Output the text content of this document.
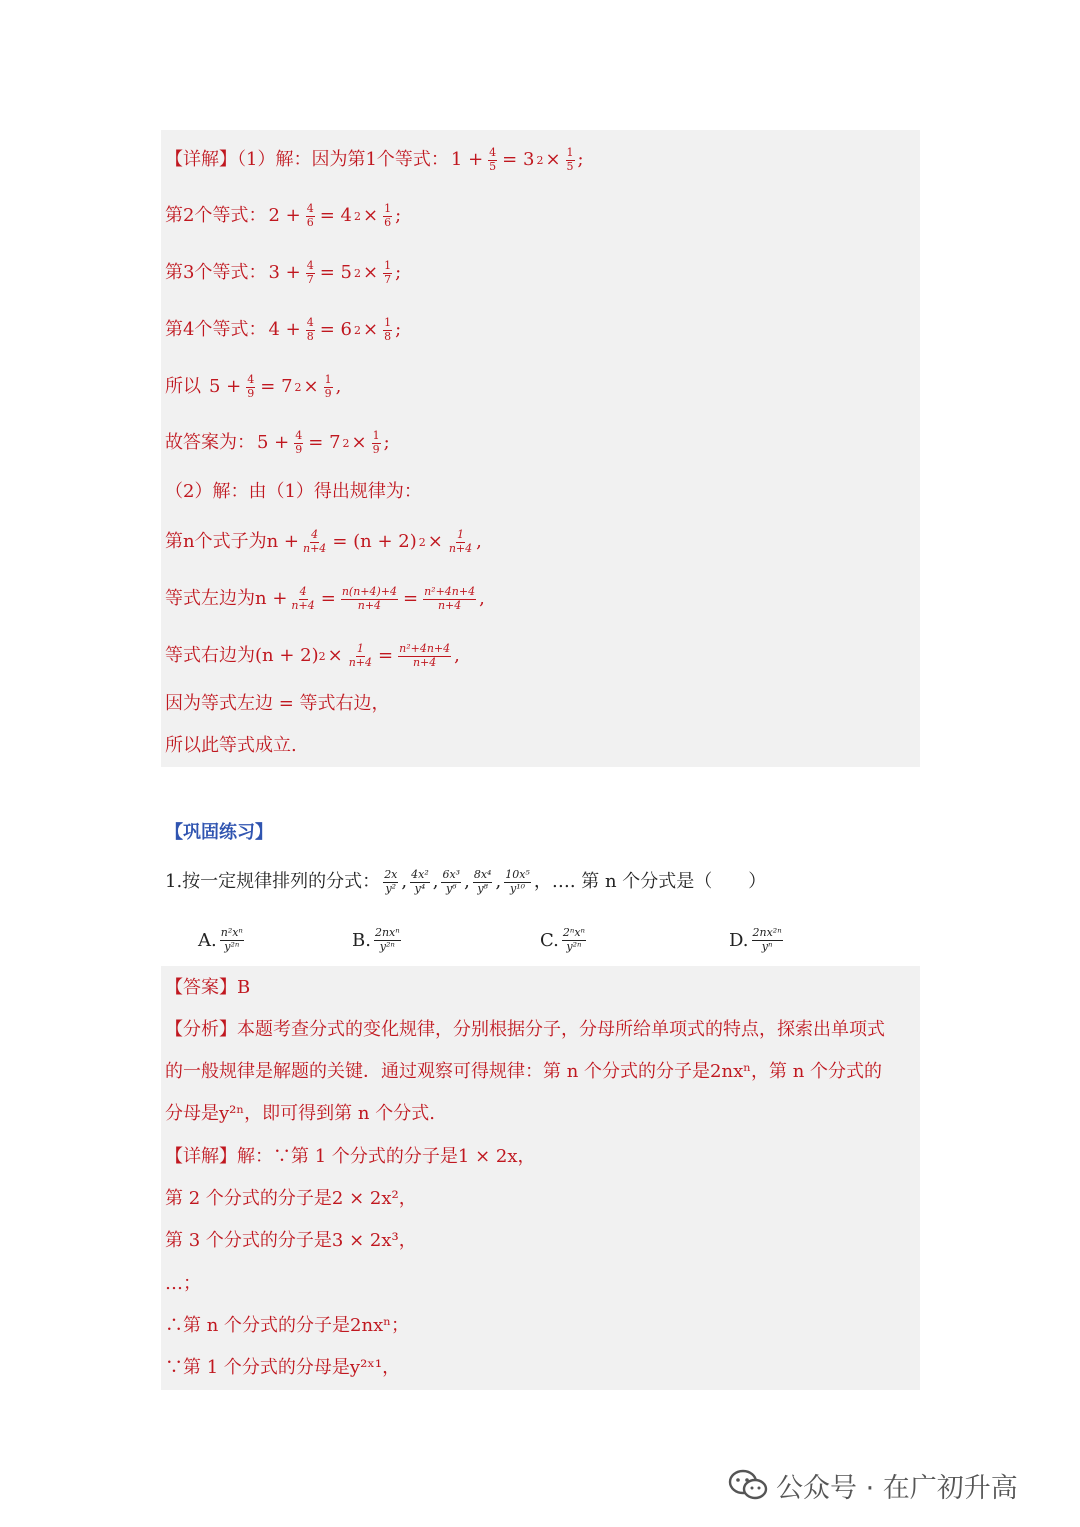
【详解】（1）解：因为第1个等式： $1 + \frac{4}{5} = 3$ $2 \times \frac{1}{5}$ ;
第2个等式： $2 + \frac{4}{6} = 4$ $2 \times \frac{1}{6}$ ;
第3个等式： $3 + \frac{4}{7} = 5$ $2 \times \frac{1}{7}$ ;
第4个等式： $4 + \frac{4}{8} = 6$ $2 \times \frac{1}{8}$ ;
所以 $5 + \frac{4}{9} = 7$ $2 \times \frac{1}{9}$ ,
故答案为： $5 + \frac{4}{9} = 7$ $2 \times \frac{1}{9}$ ;
（2）解：由（1）得出规律为：
第n个式子为$n + \frac{4}{n+4} = (n + 2) 2 \times \frac{1}{n+4}$ ,
等式左边为$n + \frac{4}{n+4} = \frac{n(n+4)+4}{n+4} = \frac{\text{n²+4n+4}}{n+4}$ ,
等式右边为(n + 2) $2 \times \frac{1}{n+4} = \frac{\text{n²+4n+4}}{n+4}$ ,
因为等式左边 = 等式右边，
所以此等式成立.
【巩固练习】
1.按一定规律排列的分式： $\frac{2x}{\text{y²}}$ , $\frac{\text{4x²}}{\text{y⁴}}$ , $\frac{\text{6x³}}{\text{y⁶}}$ , $\frac{\text{8x⁴}}{\text{y⁸}}$ , $\frac{\text{10x⁵}}{\text{y¹⁰}}$ ，…. 第 n 个分式是（　　）
A. $\frac{\text{n²xⁿ}}{\text{y²ⁿ}}$	B. $\frac{\text{2nxⁿ}}{\text{y²ⁿ}}$	C. $\frac{\text{2ⁿxⁿ}}{\text{y²ⁿ}}$	D. $\frac{\text{2nx²ⁿ}}{\text{yⁿ}}$
【答案】B
【分析】本题考查分式的变化规律，分别根据分子，分母所给单项式的特点，探索出单项式
的一般规律是解题的关键．通过观察可得规律：第 n 个分式的分子是2nxⁿ，第 n 个分式的
分母是y²ⁿ，即可得到第 n 个分式.
【详解】解：∵第 1 个分式的分子是1 × 2x，
第 2 个分式的分子是2 × 2x²，
第 3 个分式的分子是3 × 2x³，
…；
∴第 n 个分式的分子是2nxⁿ；
∵第 1 个分式的分母是y²ˣ¹，
公众号 · 在广初升高
